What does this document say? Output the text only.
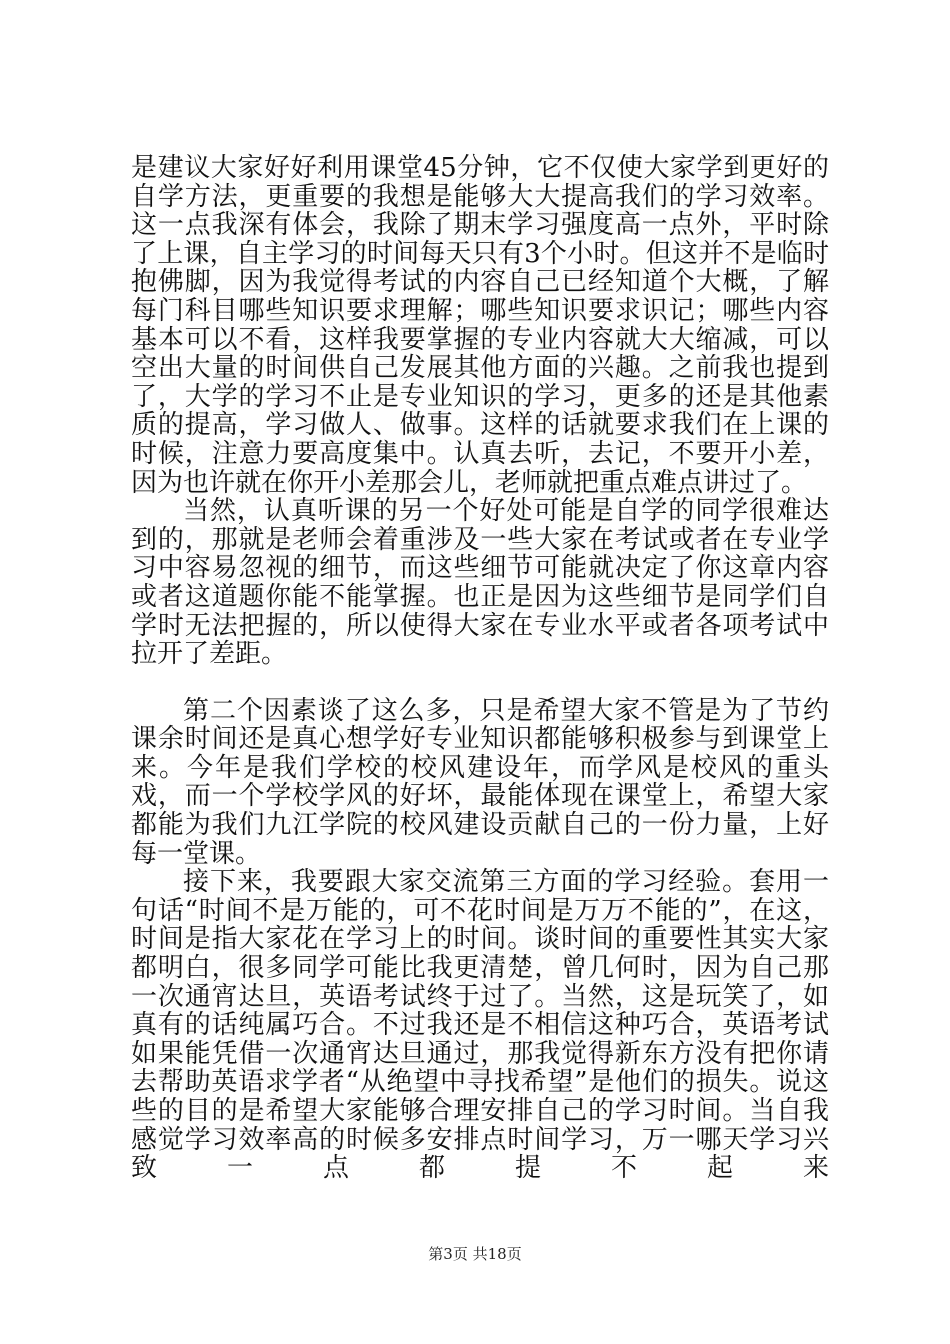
是建议大家好好利用课堂45分钟，它不仅使大家学到更好的自学方法，更重要的我想是能够大大提高我们的学习效率。这一点我深有体会，我除了期末学习强度高一点外，平时除了上课，自主学习的时间每天只有3个小时。但这并不是临时抱佛脚，因为我觉得考试的内容自己已经知道个大概，了解每门科目哪些知识要求理解；哪些知识要求识记；哪些内容基本可以不看，这样我要掌握的专业内容就大大缩减，可以空出大量的时间供自己发展其他方面的兴趣。之前我也提到了，大学的学习不止是专业知识的学习，更多的还是其他素质的提高，学习做人、做事。这样的话就要求我们在上课的时候，注意力要高度集中。认真去听，去记，不要开小差，因为也许就在你开小差那会儿，老师就把重点难点讲过了。

当然，认真听课的另一个好处可能是自学的同学很难达到的，那就是老师会着重涉及一些大家在考试或者在专业学习中容易忽视的细节，而这些细节可能就决定了你这章内容或者这道题你能不能掌握。也正是因为这些细节是同学们自学时无法把握的，所以使得大家在专业水平或者各项考试中拉开了差距。

第二个因素谈了这么多，只是希望大家不管是为了节约课余时间还是真心想学好专业知识都能够积极参与到课堂上来。今年是我们学校的校风建设年，而学风是校风的重头戏，而一个学校学风的好坏，最能体现在课堂上，希望大家都能为我们九江学院的校风建设贡献自己的一份力量，上好每一堂课。

接下来，我要跟大家交流第三方面的学习经验。套用一句话“时间不是万能的，可不花时间是万万不能的”，在这，时间是指大家花在学习上的时间。谈时间的重要性其实大家都明白，很多同学可能比我更清楚，曾几何时，因为自己那一次通宵达旦，英语考试终于过了。当然，这是玩笑了，如真有的话纯属巧合。不过我还是不相信这种巧合，英语考试如果能凭借一次通宵达旦通过，那我觉得新东方没有把你请去帮助英语求学者“从绝望中寻找希望”是他们的损失。说这些的目的是希望大家能够合理安排自己的学习时间。当自我感觉学习效率高的时候多安排点时间学习，万一哪天学习兴致一点都提不起来

第3页 共18页
